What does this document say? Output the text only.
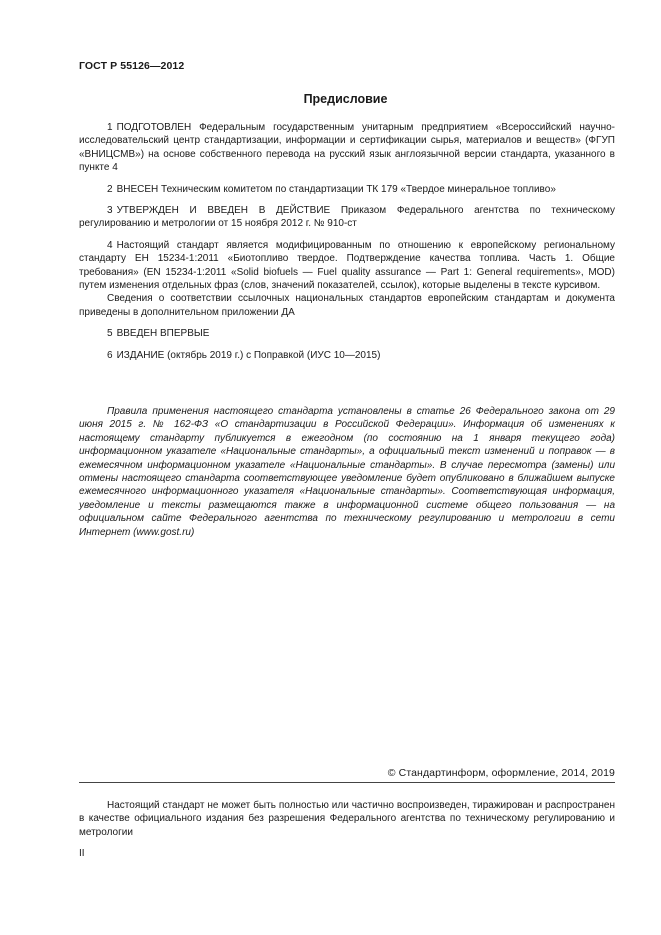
ГОСТ Р 55126—2012
Предисловие

1 ПОДГОТОВЛЕН Федеральным государственным унитарным предприятием «Всероссийский научно-исследовательский центр стандартизации, информации и сертификации сырья, материалов и веществ» (ФГУП «ВНИЦСМВ») на основе собственного перевода на русский язык англоязычной версии стандарта, указанного в пункте 4

2 ВНЕСЕН Техническим комитетом по стандартизации ТК 179 «Твердое минеральное топливо»

3 УТВЕРЖДЕН И ВВЕДЕН В ДЕЙСТВИЕ Приказом Федерального агентства по техническому регулированию и метрологии от 15 ноября 2012 г. № 910-ст

4 Настоящий стандарт является модифицированным по отношению к европейскому региональному стандарту ЕН 15234-1:2011 «Биотопливо твердое. Подтверждение качества топлива. Часть 1. Общие требования» (EN 15234-1:2011 «Solid biofuels — Fuel quality assurance — Part 1: General requirements», MOD) путем изменения отдельных фраз (слов, значений показателей, ссылок), которые выделены в тексте курсивом.

Сведения о соответствии ссылочных национальных стандартов европейским стандартам и документа приведены в дополнительном приложении ДА

5 ВВЕДЕН ВПЕРВЫЕ

6 ИЗДАНИЕ (октябрь 2019 г.) с Поправкой (ИУС 10—2015)

Правила применения настоящего стандарта установлены в статье 26 Федерального закона от 29 июня 2015 г. № 162-ФЗ «О стандартизации в Российской Федерации». Информация об изменениях к настоящему стандарту публикуется в ежегодном (по состоянию на 1 января текущего года) информационном указателе «Национальные стандарты», а официальный текст изменений и поправок — в ежемесячном информационном указателе «Национальные стандарты». В случае пересмотра (замены) или отмены настоящего стандарта соответствующее уведомление будет опубликовано в ближайшем выпуске ежемесячного информационного указателя «Национальные стандарты». Соответствующая информация, уведомление и тексты размещаются также в информационной системе общего пользования — на официальном сайте Федерального агентства по техническому регулированию и метрологии в сети Интернет (www.gost.ru)

© Стандартинформ, оформление, 2014, 2019

Настоящий стандарт не может быть полностью или частично воспроизведен, тиражирован и распространен в качестве официального издания без разрешения Федерального агентства по техническому регулированию и метрологии

II
